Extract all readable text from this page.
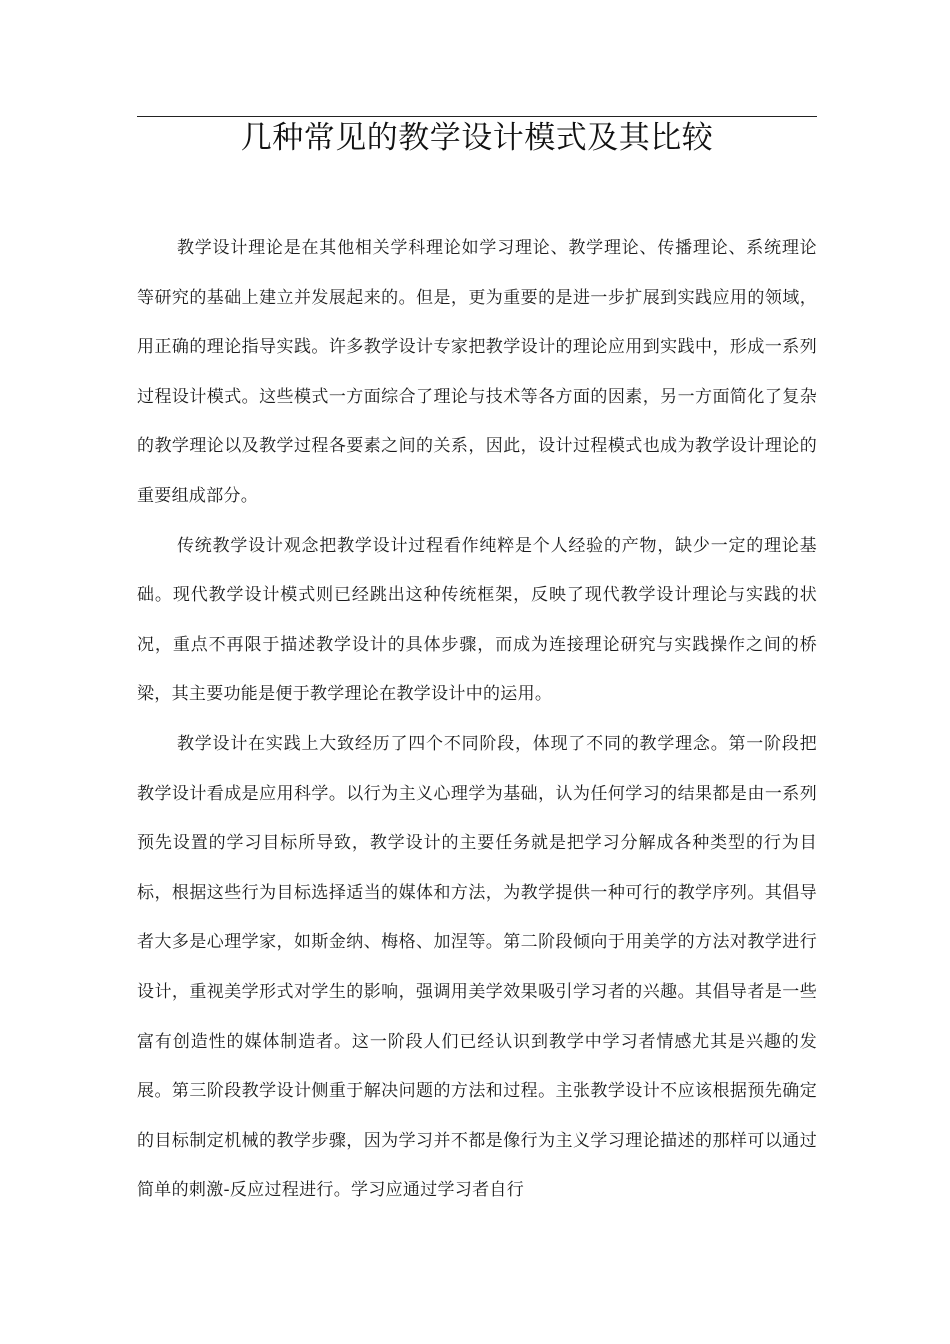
几种常见的教学设计模式及其比较

教学设计理论是在其他相关学科理论如学习理论、教学理论、传播理论、系统理论等研究的基础上建立并发展起来的。但是，更为重要的是进一步扩展到实践应用的领域，用正确的理论指导实践。许多教学设计专家把教学设计的理论应用到实践中，形成一系列过程设计模式。这些模式一方面综合了理论与技术等各方面的因素，另一方面简化了复杂的教学理论以及教学过程各要素之间的关系，因此，设计过程模式也成为教学设计理论的重要组成部分。

传统教学设计观念把教学设计过程看作纯粹是个人经验的产物，缺少一定的理论基础。现代教学设计模式则已经跳出这种传统框架，反映了现代教学设计理论与实践的状况，重点不再限于描述教学设计的具体步骤，而成为连接理论研究与实践操作之间的桥梁，其主要功能是便于教学理论在教学设计中的运用。

教学设计在实践上大致经历了四个不同阶段，体现了不同的教学理念。第一阶段把教学设计看成是应用科学。以行为主义心理学为基础，认为任何学习的结果都是由一系列预先设置的学习目标所导致，教学设计的主要任务就是把学习分解成各种类型的行为目标，根据这些行为目标选择适当的媒体和方法，为教学提供一种可行的教学序列。其倡导者大多是心理学家，如斯金纳、梅格、加涅等。第二阶段倾向于用美学的方法对教学进行设计，重视美学形式对学生的影响，强调用美学效果吸引学习者的兴趣。其倡导者是一些富有创造性的媒体制造者。这一阶段人们已经认识到教学中学习者情感尤其是兴趣的发展。第三阶段教学设计侧重于解决问题的方法和过程。主张教学设计不应该根据预先确定的目标制定机械的教学步骤，因为学习并不都是像行为主义学习理论描述的那样可以通过简单的刺激-反应过程进行。学习应通过学习者自行
